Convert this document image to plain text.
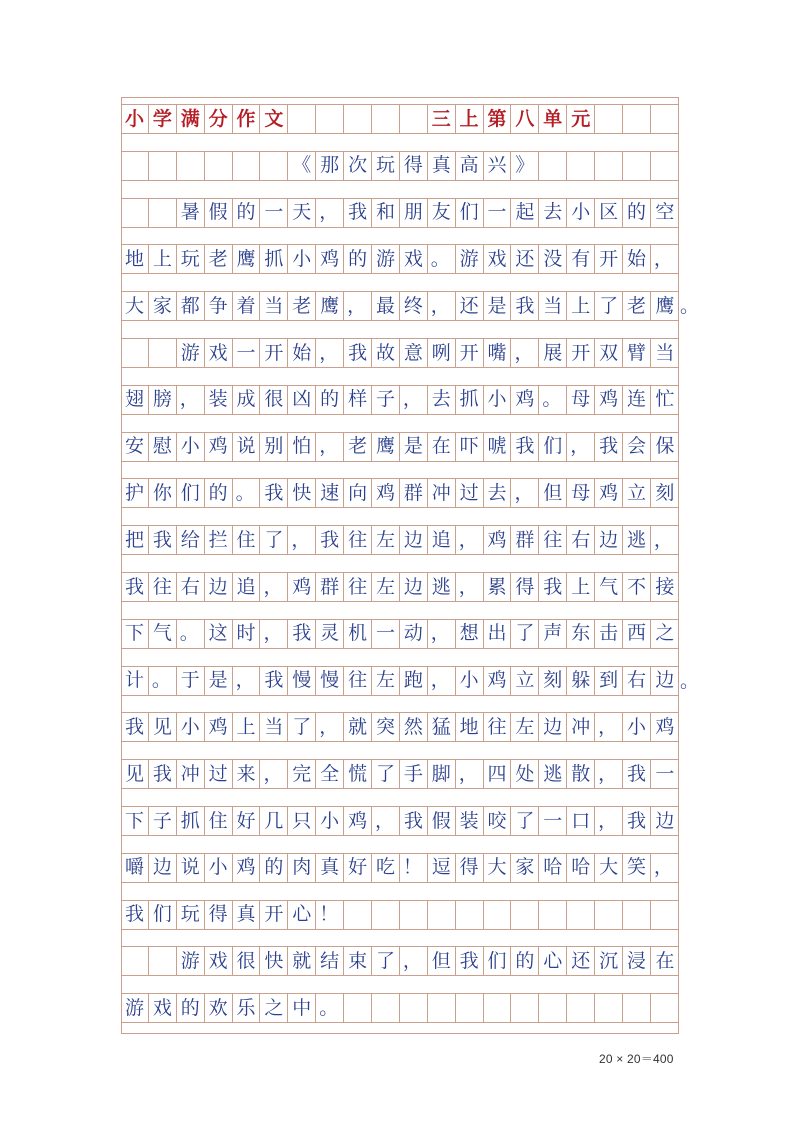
小 学 满 分 作 文	三 上 第 八 单 元
《 那 次 玩 得 真 高 兴 》
暑 假 的 一 天 ， 我 和 朋 友 们 一 起 去 小 区 的 空
地 上 玩 老 鹰 抓 小 鸡 的 游 戏 。 游 戏 还 没 有 开 始 ，
大 家 都 争 着 当 老 鹰 ， 最 终 ， 还 是 我 当 上 了 老 鹰
游 戏 一 开 始 ， 我 故 意 咧 开 嘴 ， 展 开 双 臂 当
翅 膀 ， 装 成 很 凶 的 样 子 ， 去 抓 小 鸡 。 母 鸡 连 忙
安 慰 小 鸡 说 别 怕 ， 老 鹰 是 在 吓 唬 我 们 ， 我 会 保
护 你 们 的 。 我 快 速 向 鸡 群 冲 过 去 ， 但 母 鸡 立 刻
把 我 给 拦 住 了 ， 我 往 左 边 追 ， 鸡 群 往 右 边 逃 ，
我 往 右 边 追 ， 鸡 群 往 左 边 逃 ， 累 得 我 上 气 不 接
下 气 。 这 时 ， 我 灵 机 一 动 ， 想 出 了 声 东 击 西 之
计 。 于 是 ， 我 慢 慢 往 左 跑 ， 小 鸡 立 刻 躲 到 右 边
我 见 小 鸡 上 当 了 ， 就 突 然 猛 地 往 左 边 冲 ， 小 鸡
见 我 冲 过 来 ， 完 全 慌 了 手 脚 ， 四 处 逃 散 ， 我 一
下 子 抓 住 好 几 只 小 鸡 ， 我 假 装 咬 了 一 口 ， 我 边
嚼 边 说 小 鸡 的 肉 真 好 吃 ！ 逗 得 大 家 哈 哈 大 笑 ，
我 们 玩 得 真 开 心 ！
游 戏 很 快 就 结 束 了 ， 但 我 们 的 心 还 沉 浸 在
游 戏 的 欢 乐 之 中 。
。
。
20 × 20＝400
